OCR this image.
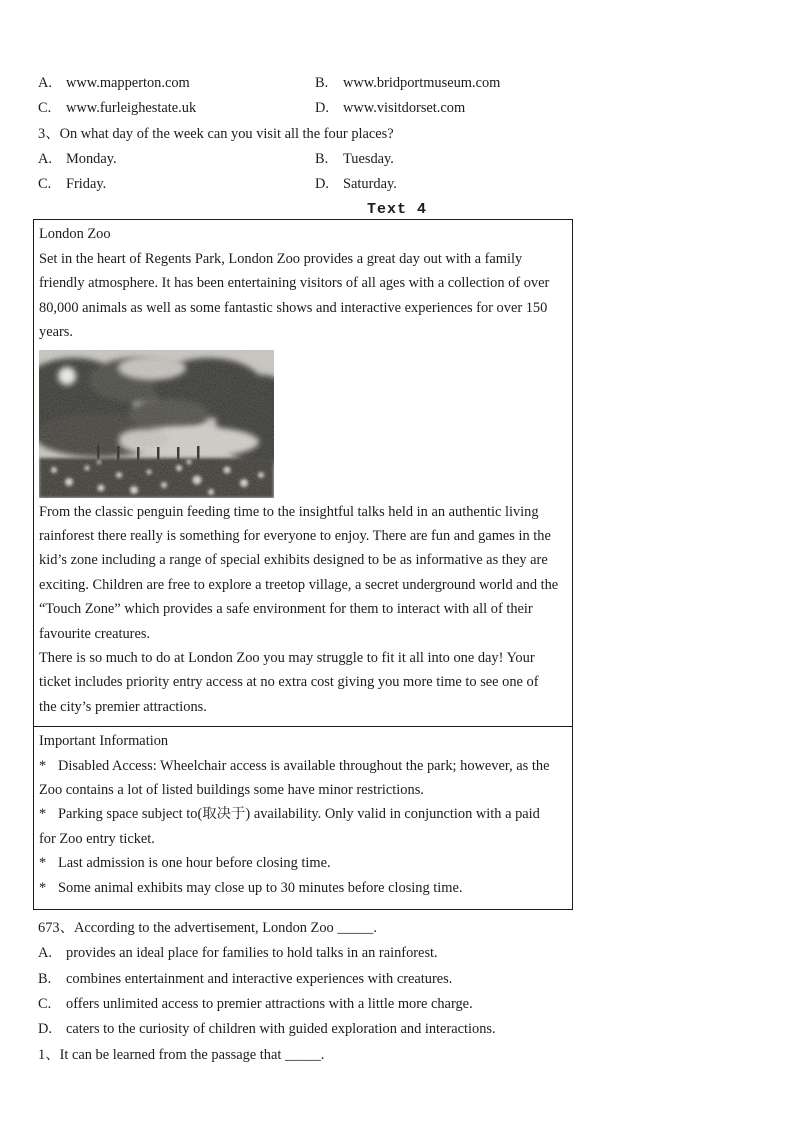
A. www.mapperton.com	B. www.bridportmuseum.com
C. www.furleighestate.uk	D. www.visitdorset.com

3、On what day of the week can you visit all the four places?

A. Monday.	B. Tuesday.
C. Friday.	D. Saturday.
Text 4

London Zoo

Set in the heart of Regents Park, London Zoo provides a great day out with a family friendly atmosphere. It has been entertaining visitors of all ages with a collection of over 80,000 animals as well as some fantastic shows and interactive experiences for over 150 years.

From the classic penguin feeding time to the insightful talks held in an authentic living rainforest there really is something for everyone to enjoy. There are fun and games in the kid’s zone including a range of special exhibits designed to be as informative as they are exciting. Children are free to explore a treetop village, a secret underground world and the “Touch Zone” which provides a safe environment for them to interact with all of their favourite creatures.

There is so much to do at London Zoo you may struggle to fit it all into one day! Your ticket includes priority entry access at no extra cost giving you more time to see one of the city’s premier attractions.

Important Information

* Disabled Access: Wheelchair access is available throughout the park; however, as the Zoo contains a lot of listed buildings some have minor restrictions.

* Parking space subject to(取决于) availability. Only valid in conjunction with a paid for Zoo entry ticket.

* Last admission is one hour before closing time.

* Some animal exhibits may close up to 30 minutes before closing time.

673、According to the advertisement, London Zoo _____.

A. provides an ideal place for families to hold talks in an rainforest.

B. combines entertainment and interactive experiences with creatures.

C. offers unlimited access to premier attractions with a little more charge.

D. caters to the curiosity of children with guided exploration and interactions.

1、It can be learned from the passage that _____.
